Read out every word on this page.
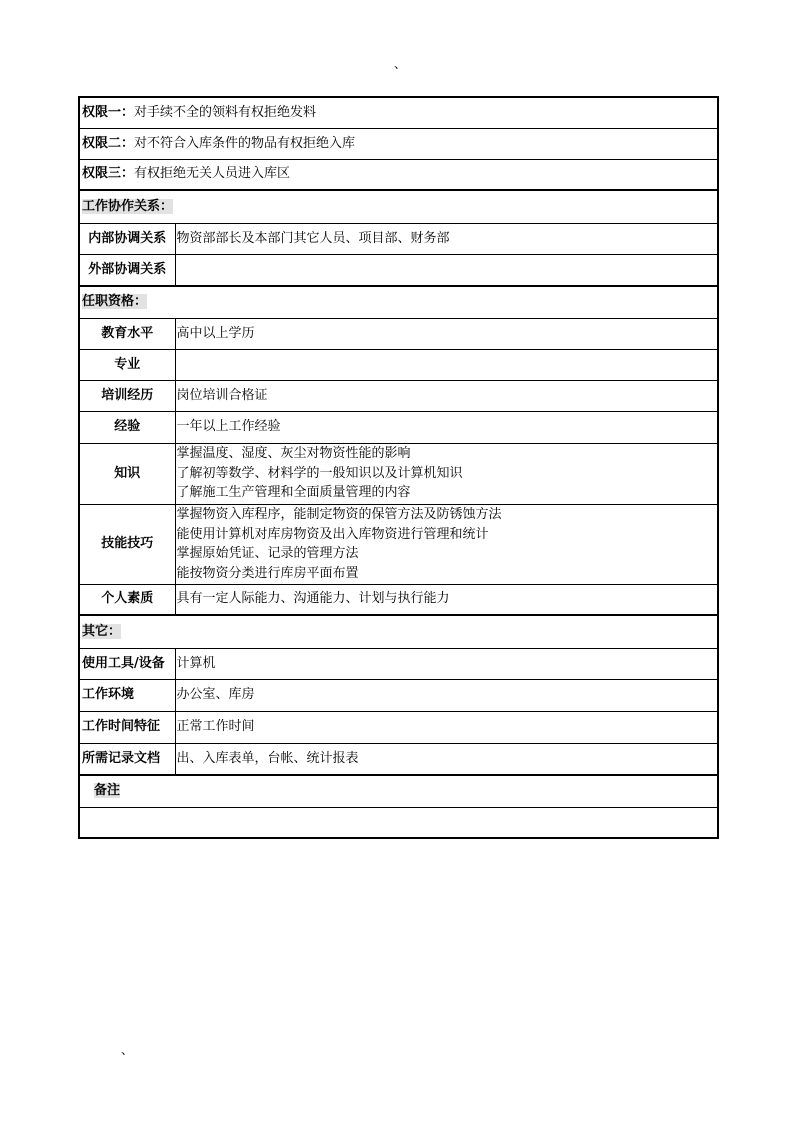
、
权限一：对手续不全的领料有权拒绝发料	
权限二：对不符合入库条件的物品有权拒绝入库	
权限三：有权拒绝无关人员进入库区	
工作协作关系：	
内部协调关系	物资部部长及本部门其它人员、项目部、财务部
外部协调关系	
任职资格：	
教育水平	高中以上学历
专业	
培训经历	岗位培训合格证
经验	一年以上工作经验
知识	掌握温度、湿度、灰尘对物资性能的影响
了解初等数学、材料学的一般知识以及计算机知识
了解施工生产管理和全面质量管理的内容

技能技巧	掌握物资入库程序，能制定物资的保管方法及防锈蚀方法
能使用计算机对库房物资及出入库物资进行管理和统计
掌握原始凭证、记录的管理方法
能按物资分类进行库房平面布置

个人素质	具有一定人际能力、沟通能力、计划与执行能力
其它：	
使用工具/设备	计算机
工作环境	办公室、库房
工作时间特征	正常工作时间
所需记录文档	出、入库表单，台帐、统计报表
备注	

、
